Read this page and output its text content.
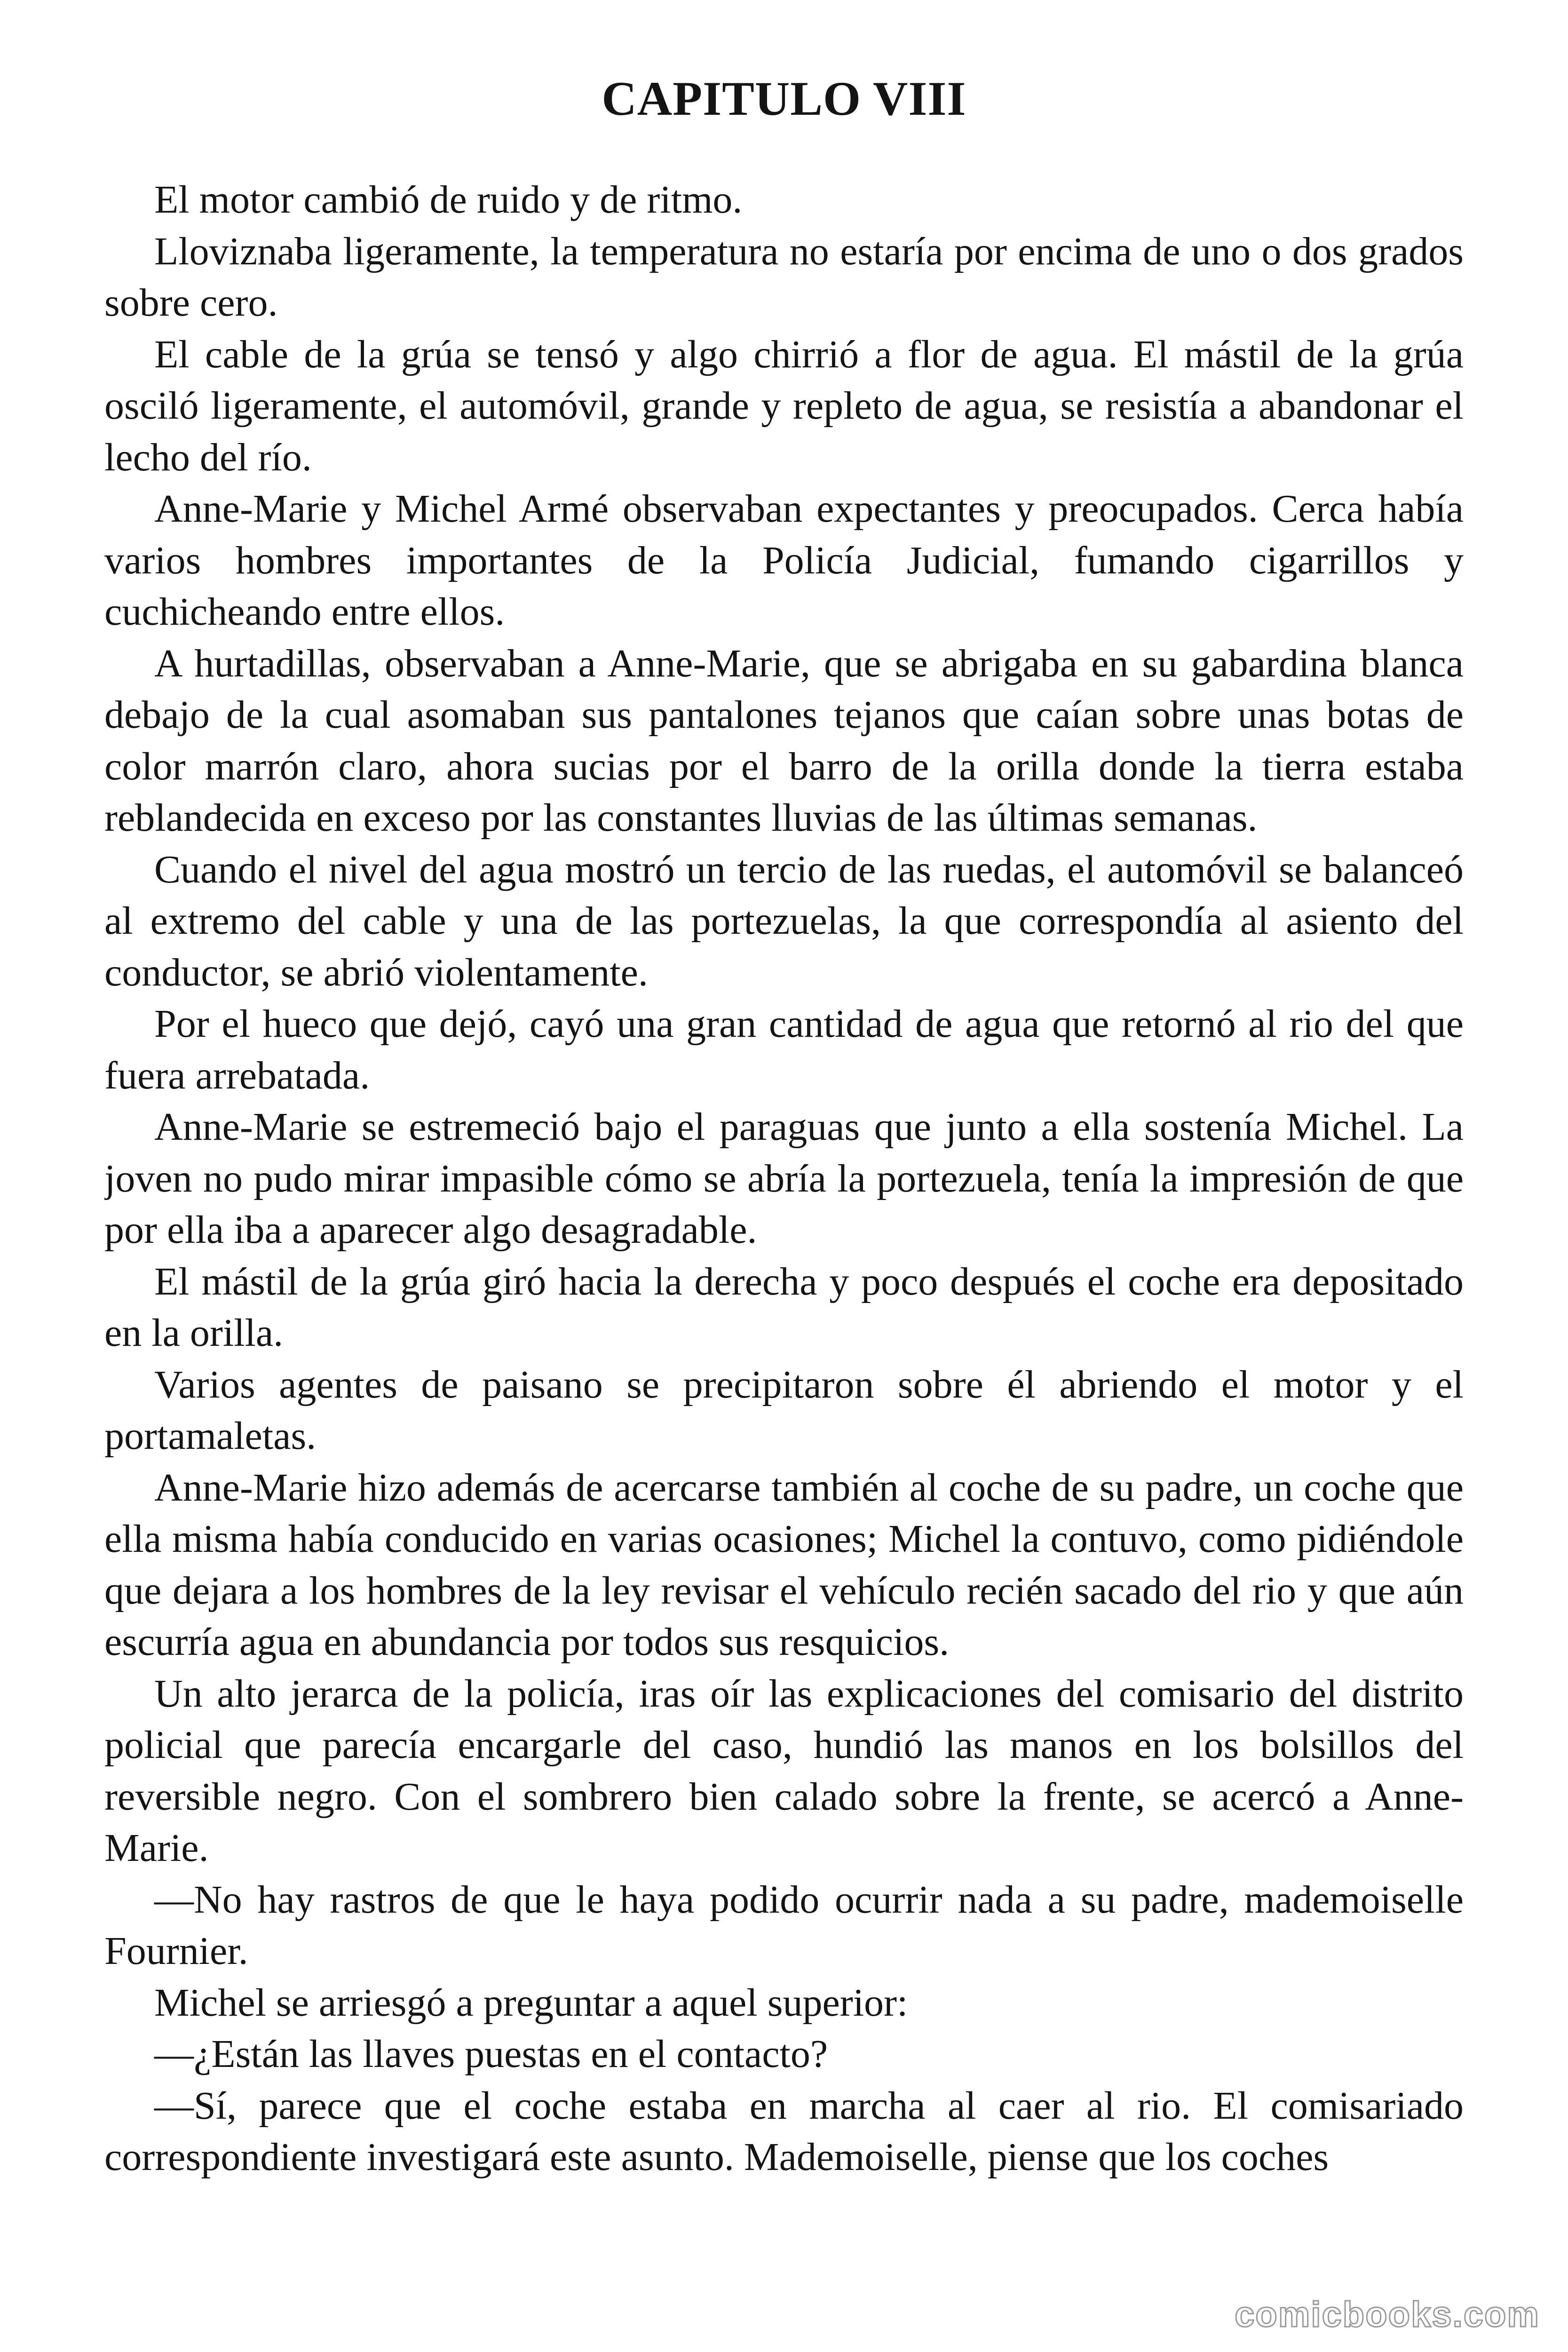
CAPITULO VIII

El motor cambió de ruido y de ritmo.

Lloviznaba ligeramente, la temperatura no estaría por encima de uno o dos grados sobre cero.

El cable de la grúa se tensó y algo chirrió a flor de agua. El mástil de la grúa osciló ligeramente, el automóvil, grande y repleto de agua, se resistía a abandonar el lecho del río.

Anne-Marie y Michel Armé observaban expectantes y preocupados. Cerca había varios hombres importantes de la Policía Judicial, fumando cigarrillos y cuchicheando entre ellos.

A hurtadillas, observaban a Anne-Marie, que se abrigaba en su gabardina blanca debajo de la cual asomaban sus pantalones tejanos que caían sobre unas botas de color marrón claro, ahora sucias por el barro de la orilla donde la tierra estaba reblandecida en exceso por las constantes lluvias de las últimas semanas.

Cuando el nivel del agua mostró un tercio de las ruedas, el automóvil se balanceó al extremo del cable y una de las portezuelas, la que correspondía al asiento del conductor, se abrió violentamente.

Por el hueco que dejó, cayó una gran cantidad de agua que retornó al rio del que fuera arrebatada.

Anne-Marie se estremeció bajo el paraguas que junto a ella sostenía Michel. La joven no pudo mirar impasible cómo se abría la portezuela, tenía la impresión de que por ella iba a aparecer algo desagradable.

El mástil de la grúa giró hacia la derecha y poco después el coche era depositado en la orilla.

Varios agentes de paisano se precipitaron sobre él abriendo el motor y el portamaletas.

Anne-Marie hizo además de acercarse también al coche de su padre, un coche que ella misma había conducido en varias ocasiones; Michel la contuvo, como pidiéndole que dejara a los hombres de la ley revisar el vehículo recién sacado del rio y que aún escurría agua en abundancia por todos sus resquicios.

Un alto jerarca de la policía, iras oír las explicaciones del comisario del distrito policial que parecía encargarle del caso, hundió las manos en los bolsillos del reversible negro. Con el sombrero bien calado sobre la frente, se acercó a Anne-Marie.

—No hay rastros de que le haya podido ocurrir nada a su padre, mademoiselle Fournier.

Michel se arriesgó a preguntar a aquel superior:

—¿Están las llaves puestas en el contacto?

—Sí, parece que el coche estaba en marcha al caer al rio. El comisariado correspondiente investigará este asunto. Mademoiselle, piense que los coches

comicbooks.com
